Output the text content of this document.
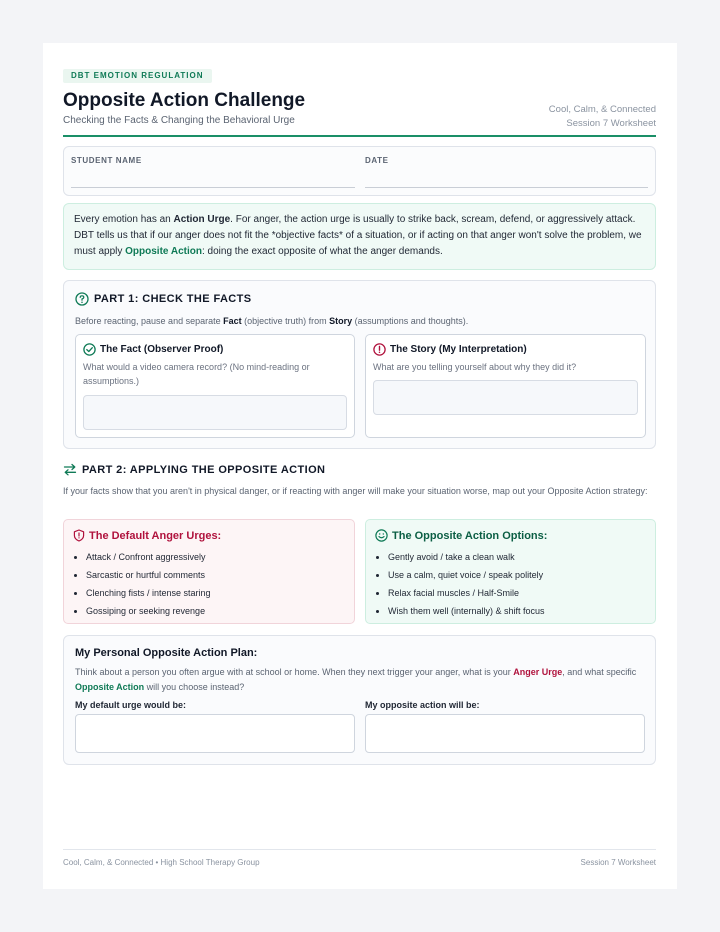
DBT EMOTION REGULATION
Opposite Action Challenge
Checking the Facts & Changing the Behavioral Urge
Cool, Calm, & Connected
Session 7 Worksheet
STUDENT NAME	DATE
Every emotion has an Action Urge. For anger, the action urge is usually to strike back, scream, defend, or aggressively attack. DBT tells us that if our anger does not fit the *objective facts* of a situation, or if acting on that anger won't solve the problem, we must apply Opposite Action: doing the exact opposite of what the anger demands.
PART 1: CHECK THE FACTS
Before reacting, pause and separate Fact (objective truth) from Story (assumptions and thoughts).
The Fact (Observer Proof)
What would a video camera record? (No mind-reading or assumptions.)
The Story (My Interpretation)
What are you telling yourself about why they did it?
PART 2: APPLYING THE OPPOSITE ACTION
If your facts show that you aren't in physical danger, or if reacting with anger will make your situation worse, map out your Opposite Action strategy:
The Default Anger Urges:
• Attack / Confront aggressively
• Sarcastic or hurtful comments
• Clenching fists / intense staring
• Gossiping or seeking revenge
The Opposite Action Options:
• Gently avoid / take a clean walk
• Use a calm, quiet voice / speak politely
• Relax facial muscles / Half-Smile
• Wish them well (internally) & shift focus
My Personal Opposite Action Plan:
Think about a person you often argue with at school or home. When they next trigger your anger, what is your Anger Urge, and what specific Opposite Action will you choose instead?
My default urge would be:	My opposite action will be:
Cool, Calm, & Connected • High School Therapy Group	Session 7 Worksheet
